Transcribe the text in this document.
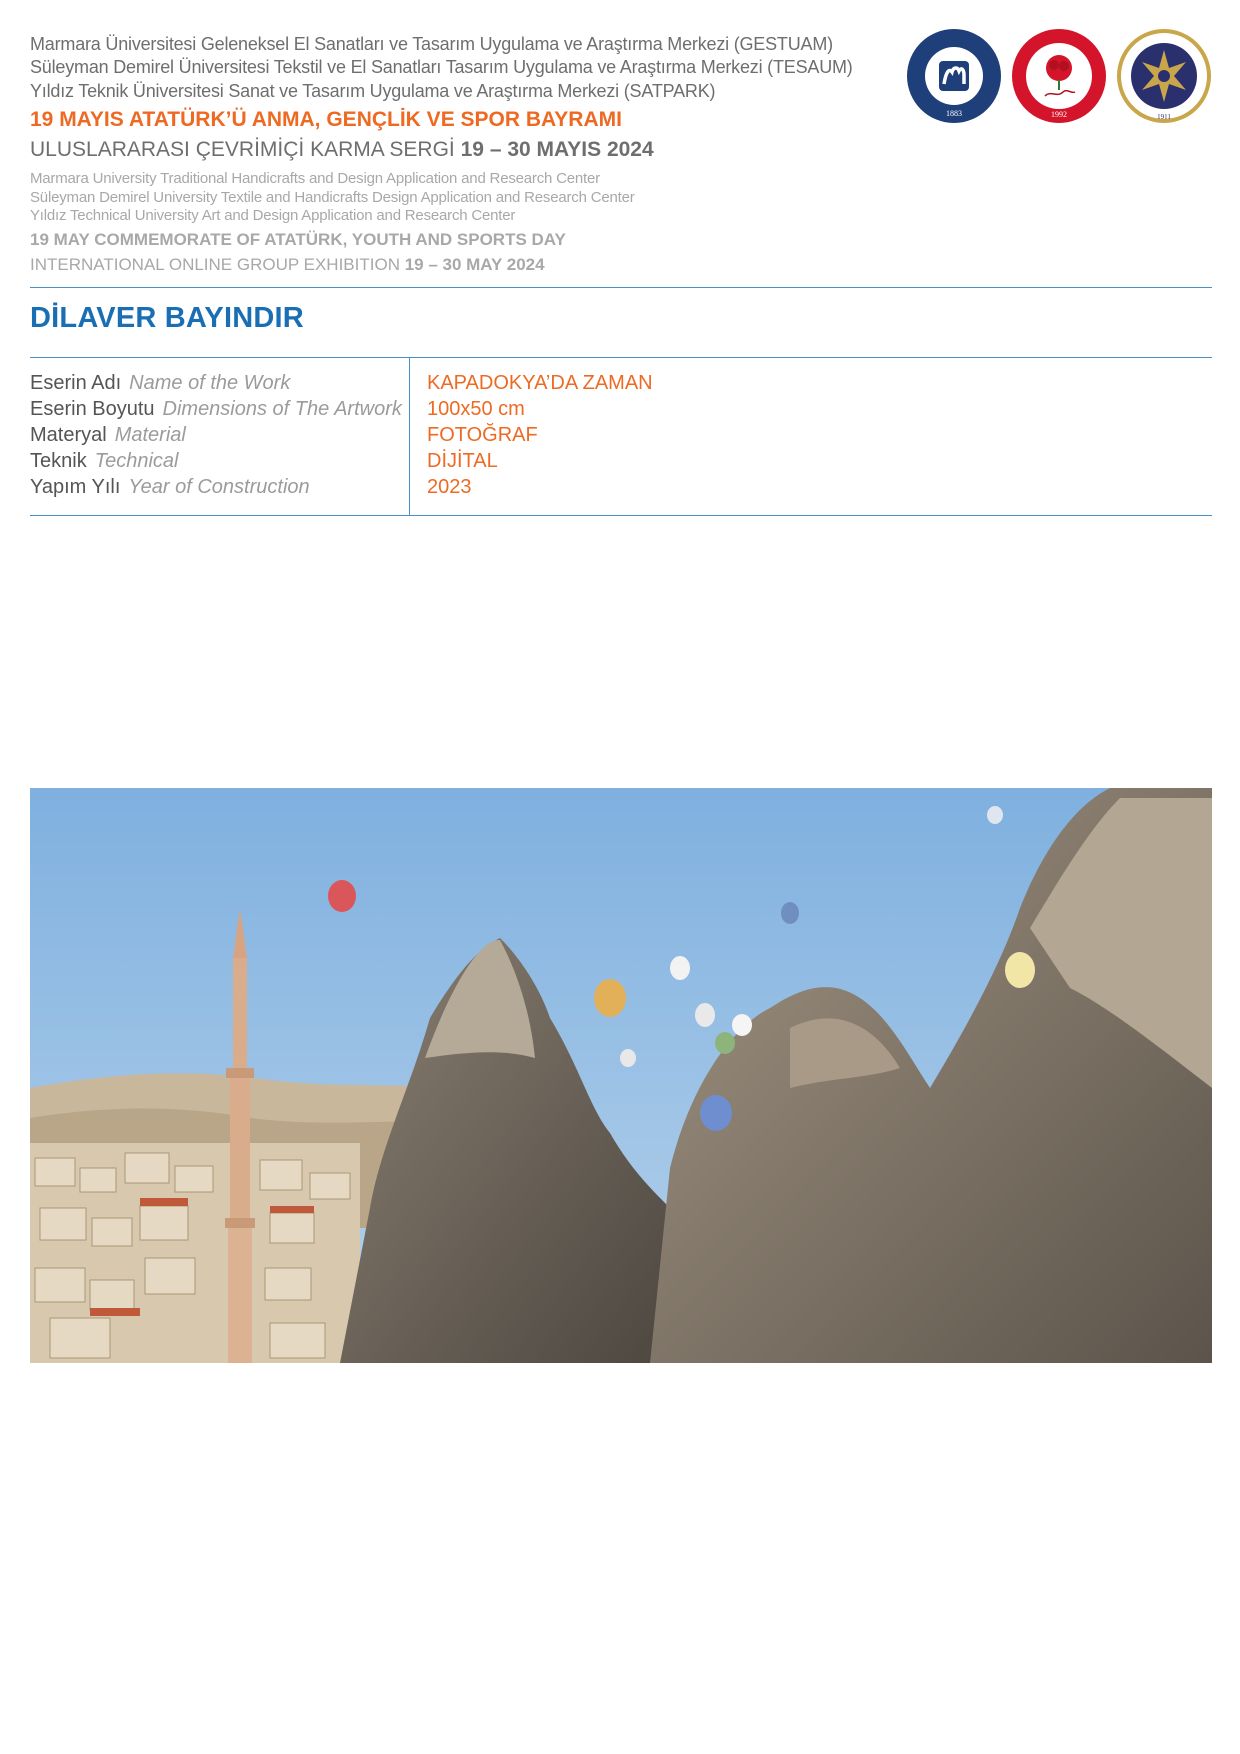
Marmara Üniversitesi Geleneksel El Sanatları ve Tasarım Uygulama ve Araştırma Merkezi (GESTUAM)
Süleyman Demirel Üniversitesi Tekstil ve El Sanatları Tasarım Uygulama ve Araştırma Merkezi (TESAUM)
Yıldız Teknik Üniversitesi Sanat ve Tasarım Uygulama ve Araştırma Merkezi (SATPARK)
19 MAYIS ATATÜRK’Ü ANMA, GENÇLİK VE SPOR BAYRAMI
ULUSLARARASI ÇEVRİMİÇİ KARMA SERGİ 19 – 30 MAYIS 2024
Marmara University Traditional Handicrafts and Design Application and Research Center
Süleyman Demirel University Textile and Handicrafts Design Application and Research Center
Yıldız Technical University Art and Design Application and Research Center
19 MAY COMMEMORATE OF ATATÜRK, YOUTH AND SPORTS DAY
INTERNATIONAL ONLINE GROUP EXHIBITION 19 – 30 MAY 2024
1883	1992	1911
DİLAVER BAYINDIR
Eserin Adı Name of the Work
Eserin Boyutu Dimensions of The Artwork
Materyal Material
Teknik Technical
Yapım Yılı Year of Construction
KAPADOKYA’DA ZAMAN
100x50 cm
FOTOĞRAF
DİJİTAL
2023
